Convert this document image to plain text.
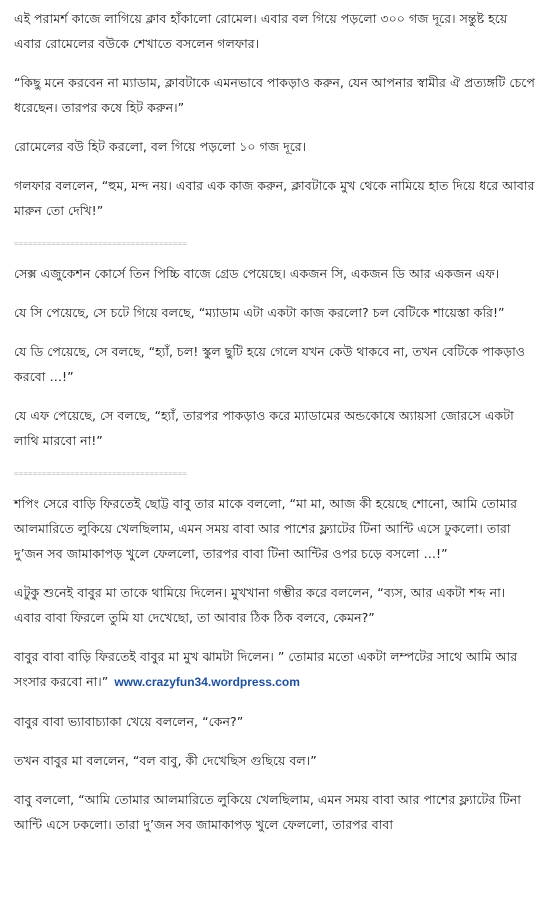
এই পরামর্শ কাজে লাগিয়ে ক্লাব হাঁকালো রোমেল। এবার বল গিয়ে পড়লো ৩০০ গজ দূরে। সন্তুষ্ট হয়ে এবার রোমেলের বউকে শেখাতে বসলেন গলফার।

“কিছু মনে করবেন না ম্যাডাম, ক্লাবটাকে এমনভাবে পাকড়াও করুন, যেন আপনার স্বামীর ঐ প্রত্যঙ্গটি চেপে ধরেছেন। তারপর কষে হিট করুন।”

রোমেলের বউ হিট করলো, বল গিয়ে পড়লো ১০ গজ দূরে।

গলফার বললেন, “হুম, মন্দ নয়। এবার এক কাজ করুন, ক্লাবটাকে মুখ থেকে নামিয়ে হাত দিয়ে ধরে আবার মারুন তো দেখি!”

=====================================

সেক্স এজুকেশন কোর্সে তিন পিচ্চি বাজে গ্রেড পেয়েছে। একজন সি, একজন ডি আর একজন এফ।

যে সি পেয়েছে, সে চটে গিয়ে বলছে, “ম্যাডাম এটা একটা কাজ করলো? চল বেটিকে শায়েস্তা করি!”

যে ডি পেয়েছে, সে বলছে, “হ্যাঁ, চল! স্কুল ছুটি হয়ে গেলে যখন কেউ থাকবে না, তখন বেটিকে পাকড়াও করবো …!”

যে এফ পেয়েছে, সে বলছে, “হ্যাঁ, তারপর পাকড়াও করে ম্যাডামের অন্ডকোষে অ্যায়সা জোরসে একটা লাথি মারবো না!”

=====================================

শপিং সেরে বাড়ি ফিরতেই ছোট্ট বাবু তার মাকে বললো, “মা মা, আজ কী হয়েছে শোনো, আমি তোমার আলমারিতে লুকিয়ে খেলছিলাম, এমন সময় বাবা আর পাশের ফ্ল্যাটের টিনা আন্টি এসে ঢুকলো। তারা দু’জন সব জামাকাপড় খুলে ফেললো, তারপর বাবা টিনা আন্টির ওপর চড়ে বসলো …!”

এটুকু শুনেই বাবুর মা তাকে থামিয়ে দিলেন। মুখখানা গম্ভীর করে বললেন, “ব্যস, আর একটা শব্দ না। এবার বাবা ফিরলে তুমি যা দেখেছো, তা আবার ঠিক ঠিক বলবে, কেমন?”

বাবুর বাবা বাড়ি ফিরতেই বাবুর মা মুখ ঝামটা দিলেন। ” তোমার মতো একটা লম্পটের সাথে আমি আর সংসার করবো না।” www.crazyfun34.wordpress.com

বাবুর বাবা ভ্যাবাচ্যাকা খেয়ে বললেন, “কেন?”

তখন বাবুর মা বললেন, “বল বাবু, কী দেখেছিস গুছিয়ে বল।”

বাবু বললো, “আমি তোমার আলমারিতে লুকিয়ে খেলছিলাম, এমন সময় বাবা আর পাশের ফ্ল্যাটের টিনা আন্টি এসে ঢকলো। তারা দু’জন সব জামাকাপড় খুলে ফেললো, তারপর বাবা
